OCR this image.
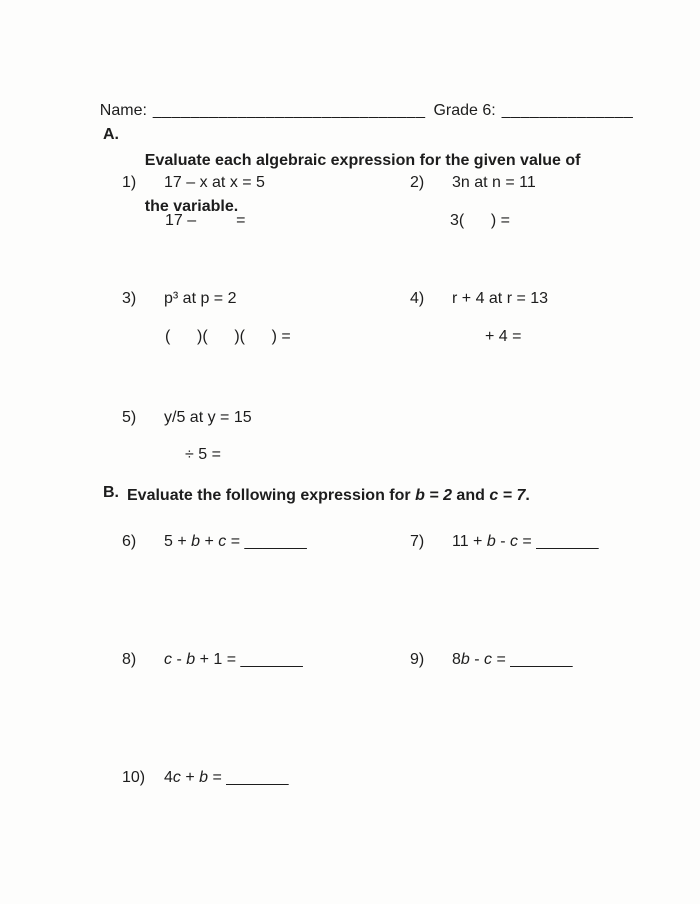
Name: _____________________________ Grade 6: ______________

A.

Evaluate each algebraic expression for the given value of

the variable.

1)	17 – x at x = 5	2)	3n at n = 11
17 –         =	3(      ) =
3)	p³ at p = 2	4)	r + 4 at r = 13
(      )(      )(      ) =	+ 4 =
5)	y/5 at y = 15
÷ 5 =
B. Evaluate the following expression for b = 2 and c = 7.
6)	5 + b + c = _______	7)	11 + b - c = _______
8)	c - b + 1 = _______	9)	8b - c = _______
10)	4c + b = _______
